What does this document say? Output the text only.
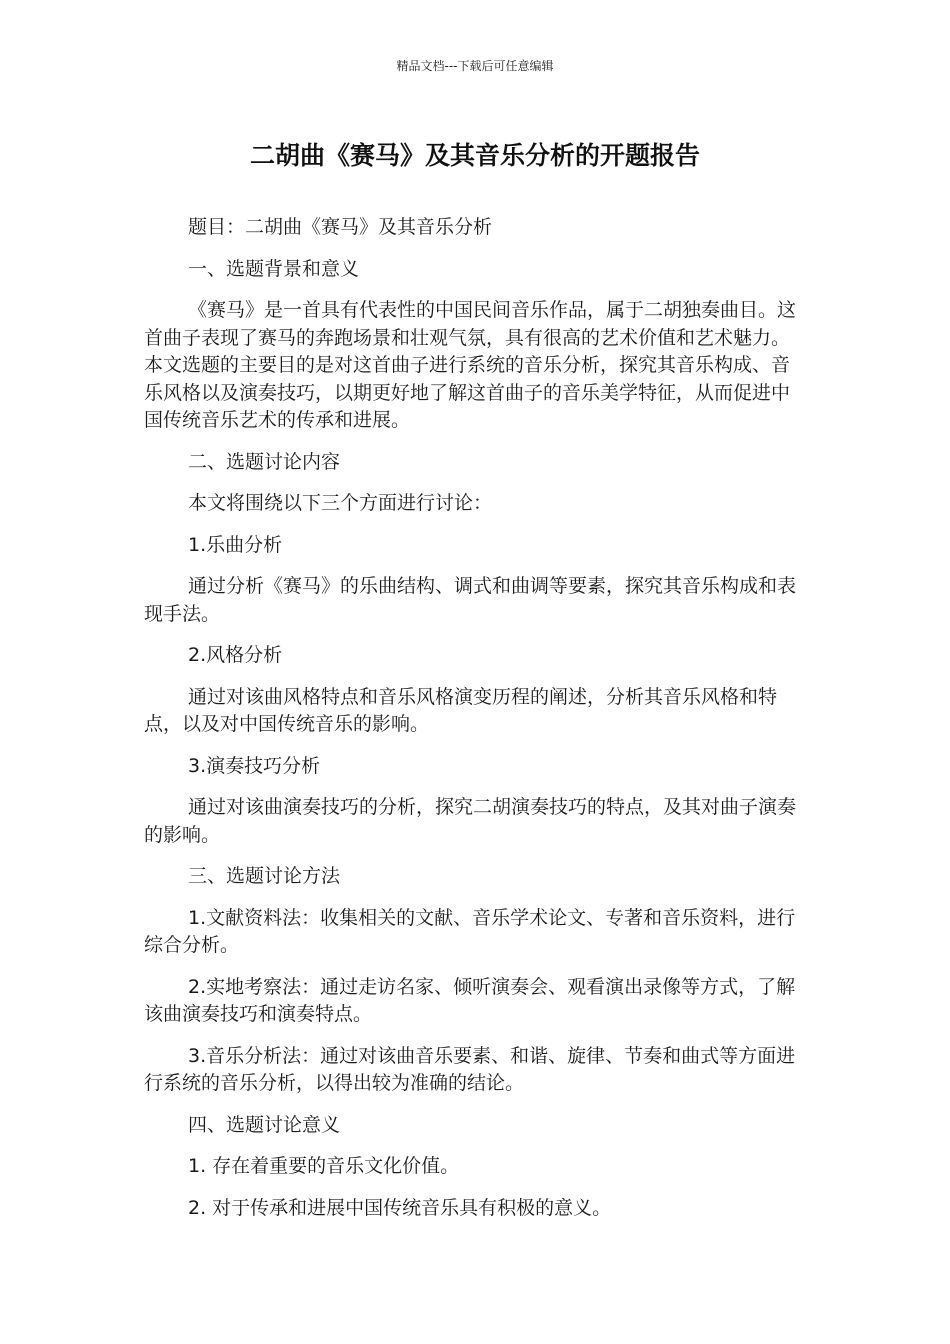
精品文档---下载后可任意编辑
二胡曲《赛马》及其音乐分析的开题报告

题目：二胡曲《赛马》及其音乐分析

一、选题背景和意义

《赛马》是一首具有代表性的中国民间音乐作品，属于二胡独奏曲目。这首曲子表现了赛马的奔跑场景和壮观气氛，具有很高的艺术价值和艺术魅力。本文选题的主要目的是对这首曲子进行系统的音乐分析，探究其音乐构成、音乐风格以及演奏技巧，以期更好地了解这首曲子的音乐美学特征，从而促进中国传统音乐艺术的传承和进展。

二、选题讨论内容

本文将围绕以下三个方面进行讨论：

1.乐曲分析

通过分析《赛马》的乐曲结构、调式和曲调等要素，探究其音乐构成和表现手法。

2.风格分析

通过对该曲风格特点和音乐风格演变历程的阐述，分析其音乐风格和特点，以及对中国传统音乐的影响。

3.演奏技巧分析

通过对该曲演奏技巧的分析，探究二胡演奏技巧的特点，及其对曲子演奏的影响。

三、选题讨论方法

1.文献资料法：收集相关的文献、音乐学术论文、专著和音乐资料，进行综合分析。

2.实地考察法：通过走访名家、倾听演奏会、观看演出录像等方式，了解该曲演奏技巧和演奏特点。

3.音乐分析法：通过对该曲音乐要素、和谐、旋律、节奏和曲式等方面进行系统的音乐分析，以得出较为准确的结论。

四、选题讨论意义

1. 存在着重要的音乐文化价值。

2. 对于传承和进展中国传统音乐具有积极的意义。
